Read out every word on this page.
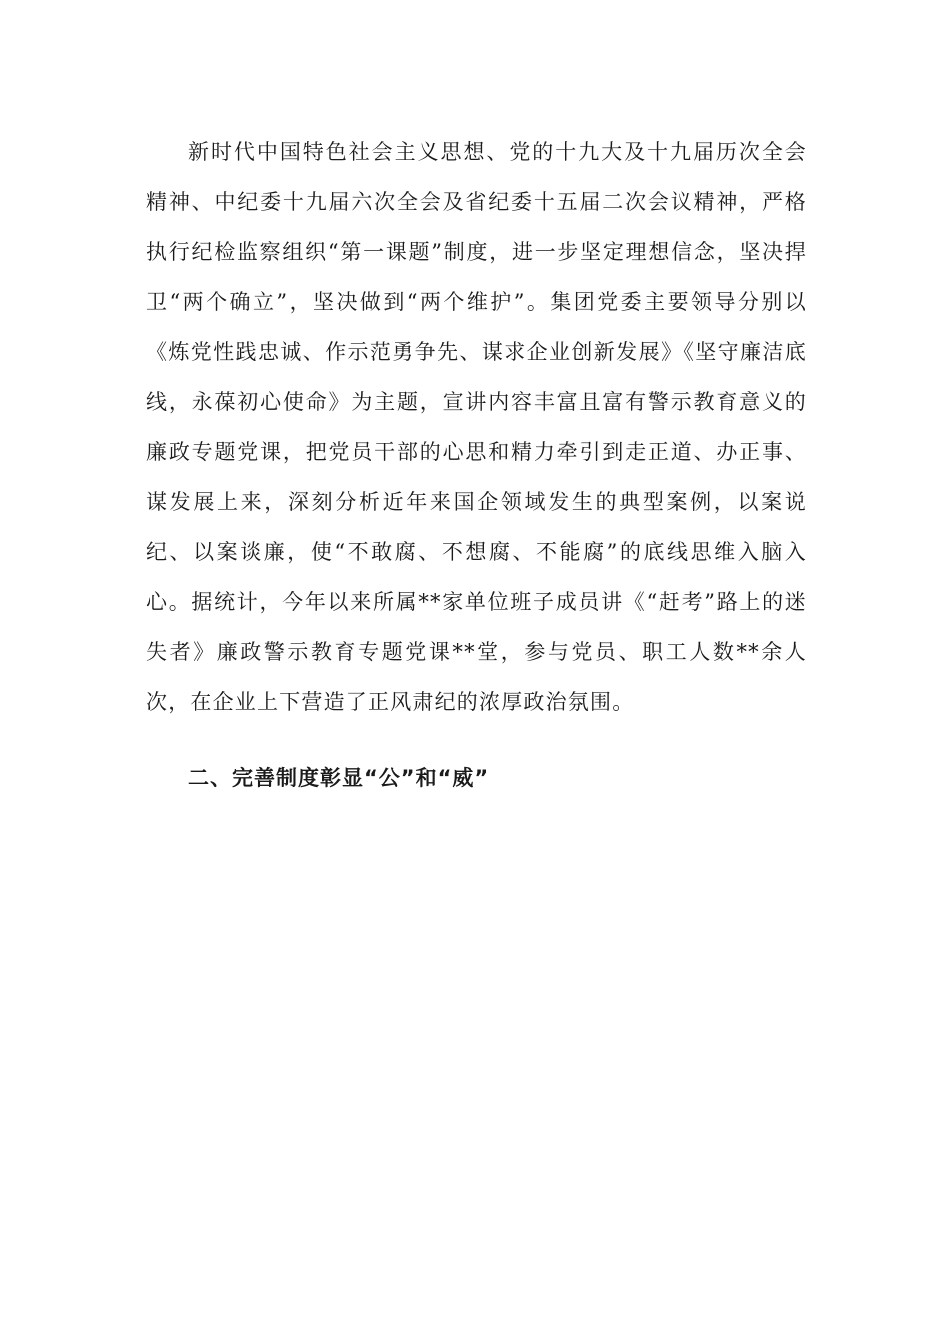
新时代中国特色社会主义思想、党的十九大及十九届历次全会精神、中纪委十九届六次全会及省纪委十五届二次会议精神，严格执行纪检监察组织“第一课题”制度，进一步坚定理想信念，坚决捍卫“两个确立”，坚决做到“两个维护”。集团党委主要领导分别以《炼党性践忠诚、作示范勇争先、谋求企业创新发展》《坚守廉洁底线，永葆初心使命》为主题，宣讲内容丰富且富有警示教育意义的廉政专题党课，把党员干部的心思和精力牵引到走正道、办正事、谋发展上来，深刻分析近年来国企领域发生的典型案例，以案说纪、以案谈廉，使“不敢腐、不想腐、不能腐”的底线思维入脑入心。据统计，今年以来所属**家单位班子成员讲《“赶考”路上的迷失者》廉政警示教育专题党课**堂，参与党员、职工人数**余人次，在企业上下营造了正风肃纪的浓厚政治氛围。

二、完善制度彰显“公”和“威”
